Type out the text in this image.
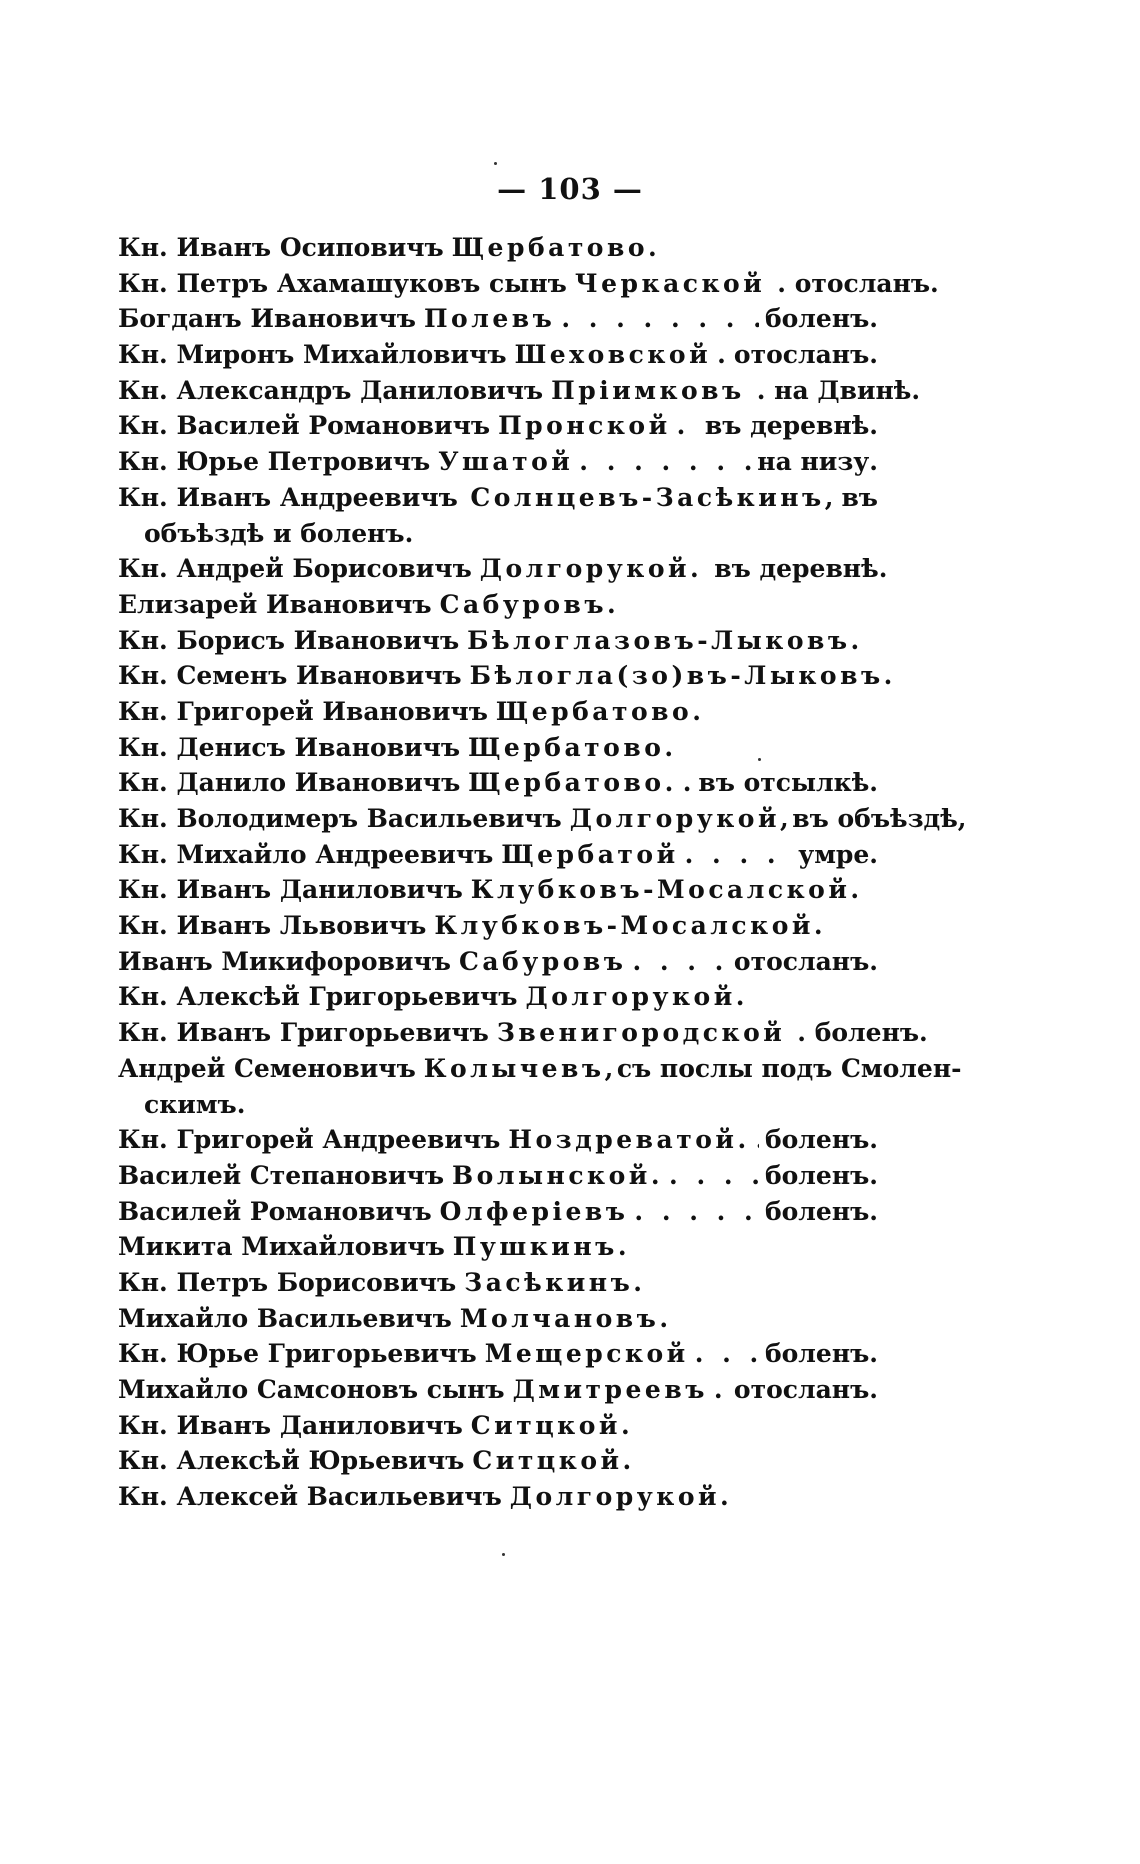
— 103 —
Кн. Иванъ Осиповичъ Щербатово.
Кн. Петръ Ахамашуковъ сынъ Черкаской . отосланъ.
Богданъ Ивановичъ Полевъ . . .	боленъ.
Кн. Миронъ Михайловичъ Шеховской . . . отосланъ.
Кн. Александръ Даниловичъ Прiимковъ . на Двинѣ.
Кн. Василей Романовичъ Пронской . . . въ деревнѣ.
Кн. Юрье Петровичъ Ушатой . . .	на низу.
Кн. Иванъ Андреевичъ Солнцевъ-Засѣкинъ, въ
объѣздѣ и боленъ.
Кн. Андрей Борисовичъ Долгорукой. въ деревнѣ.
Елизарей Ивановичъ Сабуровъ.
Кн. Борисъ Ивановичъ Бѣлоглазовъ-Лыковъ.
Кн. Семенъ Ивановичъ Бѣлогла(зо)въ-Лыковъ.
Кн. Григорей Ивановичъ Щербатово.
Кн. Денисъ Ивановичъ Щербатово.
Кн. Данило Ивановичъ Щербатово. . . . въ отсылкѣ.
Кн. Володимеръ Васильевичъ Долгорукой, въ объѣздѣ,
Кн. Михайло Андреевичъ Щербатой . . .	умре.
Кн. Иванъ Даниловичъ Клубковъ-Мосалской.
Кн. Иванъ Львовичъ Клубковъ-Мосалской.
Иванъ Микифоровичъ Сабуровъ . . .	отосланъ.
Кн. Алексѣй Григорьевичъ Долгорукой.
Кн. Иванъ Григорьевичъ Звенигородской . боленъ.
Андрей Семеновичъ Колычевъ, съ послы подъ Смолен-
скимъ.
Кн. Григорей Андреевичъ Ноздреватой. . . . боленъ.
Василей Степановичъ Волынской. . . .	боленъ.
Василей Романовичъ Олферiевъ . . .	боленъ.
Микита Михайловичъ Пушкинъ.
Кн. Петръ Борисовичъ Засѣкинъ.
Михайло Васильевичъ Молчановъ.
Кн. Юрье Григорьевичъ Мещерской . . .	боленъ.
Михайло Самсоновъ сынъ Дмитреевъ . . . отосланъ.
Кн. Иванъ Даниловичъ Ситцкой.
Кн. Алексѣй Юрьевичъ Ситцкой.
Кн. Алексей Васильевичъ Долгорукой.
